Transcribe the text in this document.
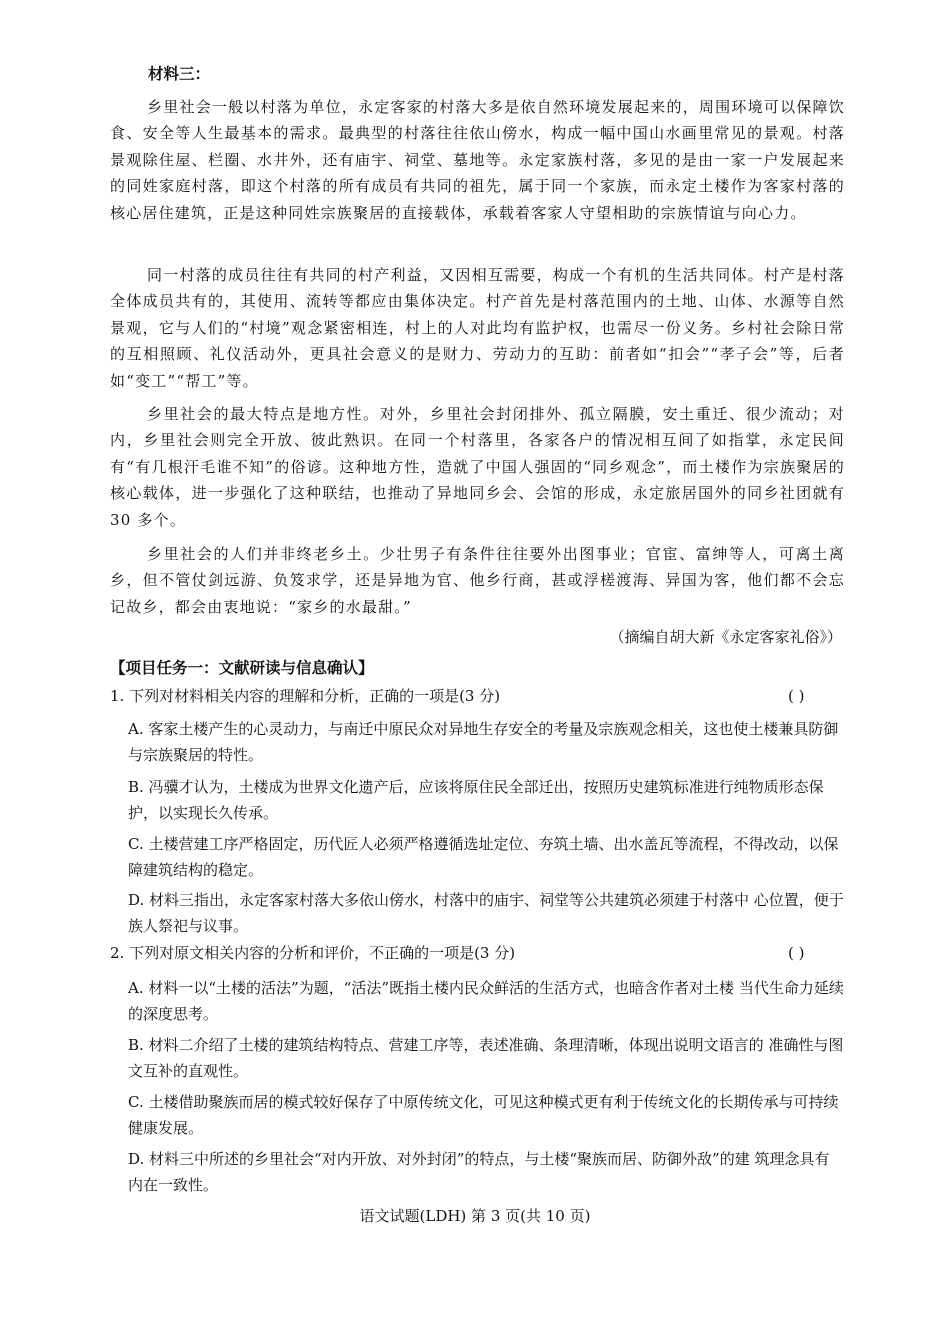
材料三：

乡里社会一般以村落为单位，永定客家的村落大多是依自然环境发展起来的，周围环境可以保障饮食、安全等人生最基本的需求。最典型的村落往往依山傍水，构成一幅中国山水画里常见的景观。村落景观除住屋、栏圈、水井外，还有庙宇、祠堂、墓地等。永定家族村落，多见的是由一家一户发展起来的同姓家庭村落，即这个村落的所有成员有共同的祖先，属于同一个家族，而永定土楼作为客家村落的核心居住建筑，正是这种同姓宗族聚居的直接载体，承载着客家人守望相助的宗族情谊与向心力。

同一村落的成员往往有共同的村产利益，又因相互需要，构成一个有机的生活共同体。村产是村落全体成员共有的，其使用、流转等都应由集体决定。村产首先是村落范围内的土地、山体、水源等自然景观，它与人们的“村境”观念紧密相连，村上的人对此均有监护权，也需尽一份义务。乡村社会除日常的互相照顾、礼仪活动外，更具社会意义的是财力、劳动力的互助：前者如“扣会”“孝子会”等，后者如“变工”“帮工”等。

乡里社会的最大特点是地方性。对外，乡里社会封闭排外、孤立隔膜，安土重迁、很少流动；对内，乡里社会则完全开放、彼此熟识。在同一个村落里，各家各户的情况相互间了如指掌，永定民间有“有几根汗毛谁不知”的俗谚。这种地方性，造就了中国人强固的“同乡观念”，而土楼作为宗族聚居的核心载体，进一步强化了这种联结，也推动了异地同乡会、会馆的形成，永定旅居国外的同乡社团就有 30 多个。

乡里社会的人们并非终老乡土。少壮男子有条件往往要外出图事业；官宦、富绅等人，可离土离乡，但不管仗剑远游、负笈求学，还是异地为官、他乡行商，甚或浮槎渡海、异国为客，他们都不会忘记故乡，都会由衷地说：“家乡的水最甜。”

（摘编自胡大新《永定客家礼俗》）
【项目任务一：文献研读与信息确认】
1. 下列对材料相关内容的理解和分析，正确的一项是(3 分)	( )

A. 客家土楼产生的心灵动力，与南迁中原民众对异地生存安全的考量及宗族观念相关，这也使土楼兼具防御与宗族聚居的特性。

B. 冯骥才认为，土楼成为世界文化遗产后，应该将原住民全部迁出，按照历史建筑标准进行纯物质形态保护，以实现长久传承。

C. 土楼营建工序严格固定，历代匠人必须严格遵循选址定位、夯筑土墙、出水盖瓦等流程，不得改动，以保障建筑结构的稳定。

D. 材料三指出，永定客家村落大多依山傍水，村落中的庙宇、祠堂等公共建筑必须建于村落中 心位置，便于族人祭祀与议事。

2. 下列对原文相关内容的分析和评价，不正确的一项是(3 分)	( )

A. 材料一以“土楼的活法”为题，“活法”既指土楼内民众鲜活的生活方式，也暗含作者对土楼 当代生命力延续的深度思考。

B. 材料二介绍了土楼的建筑结构特点、营建工序等，表述准确、条理清晰，体现出说明文语言的 准确性与图文互补的直观性。

C. 土楼借助聚族而居的模式较好保存了中原传统文化，可见这种模式更有利于传统文化的长期传承与可持续健康发展。

D. 材料三中所述的乡里社会“对内开放、对外封闭”的特点，与土楼“聚族而居、防御外敌”的建 筑理念具有内在一致性。

语文试题(LDH) 第 3 页(共 10 页)
